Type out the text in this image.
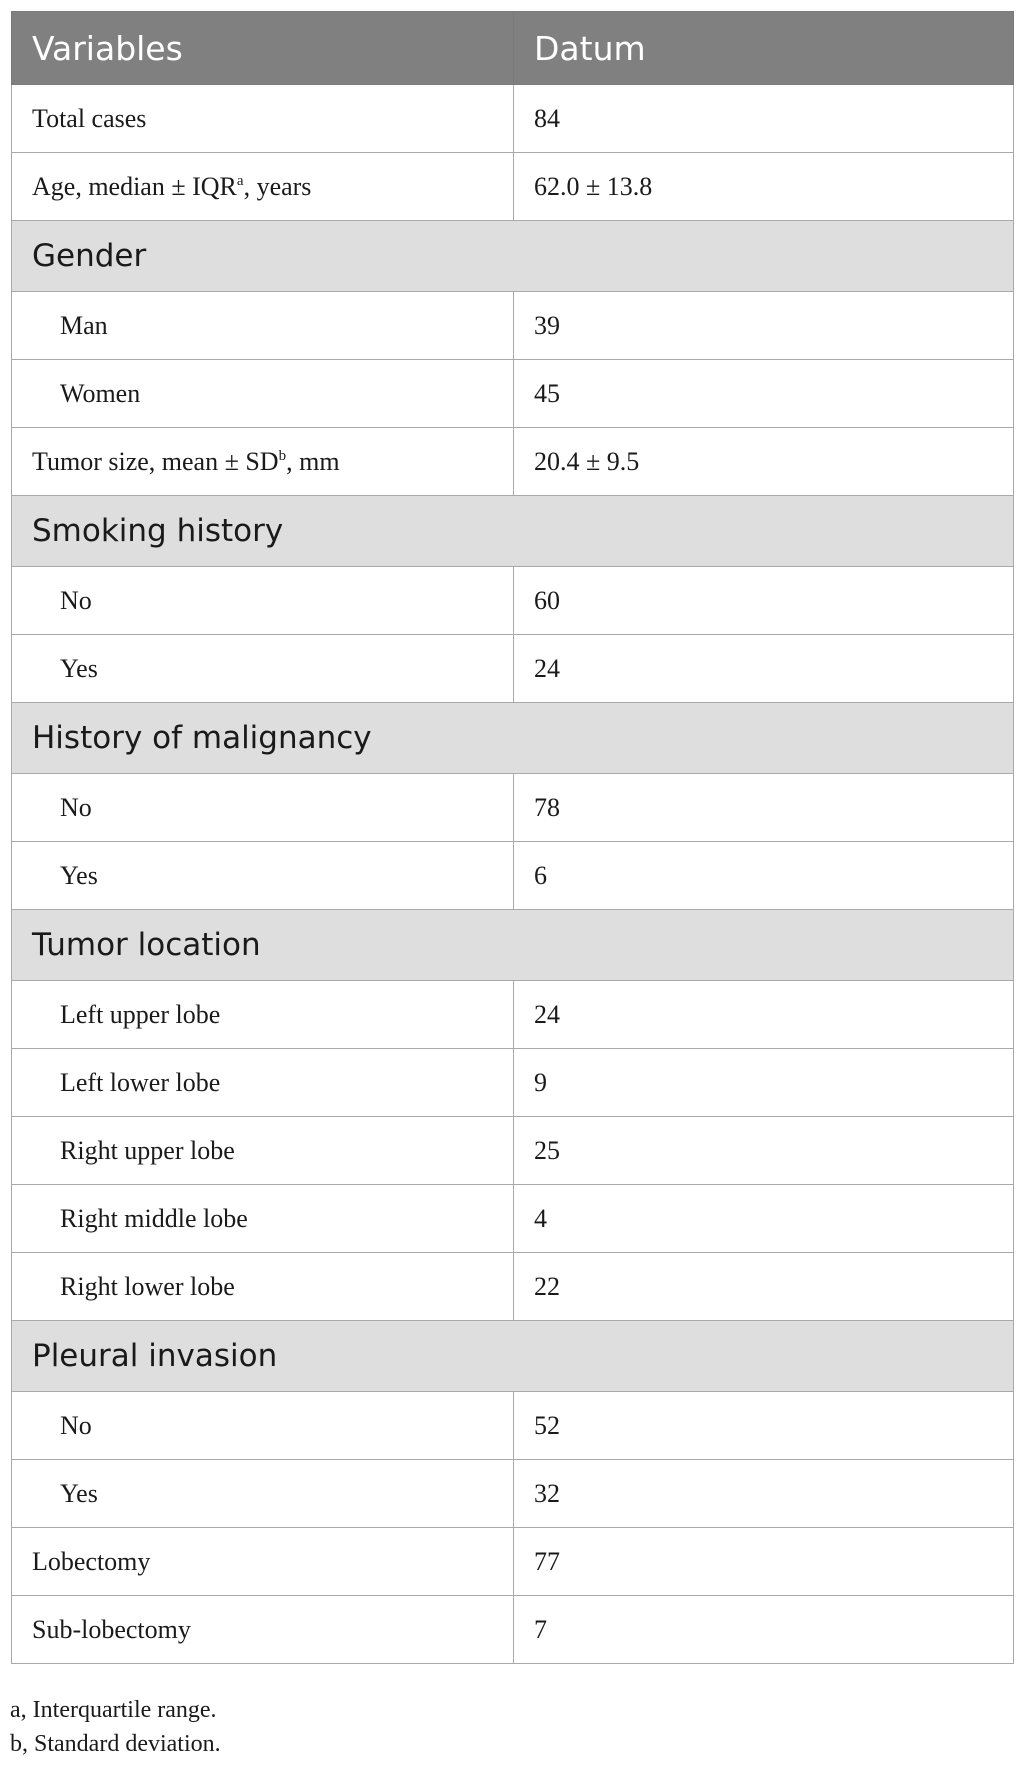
Variables	Datum
Total cases	84
Age, median ± $IQR^a$, years	62.0 ± 13.8
Gender	
Man	39
Women	45
Tumor size, mean ± $SD^b$, mm	20.4 ± 9.5
Smoking history	
No	60
Yes	24
History of malignancy	
No	78
Yes	6
Tumor location	
Left upper lobe	24
Left lower lobe	9
Right upper lobe	25
Right middle lobe	4
Right lower lobe	22
Pleural invasion	
No	52
Yes	32
Lobectomy	77
Sub-lobectomy	7
a, Interquartile range.
b, Standard deviation.
